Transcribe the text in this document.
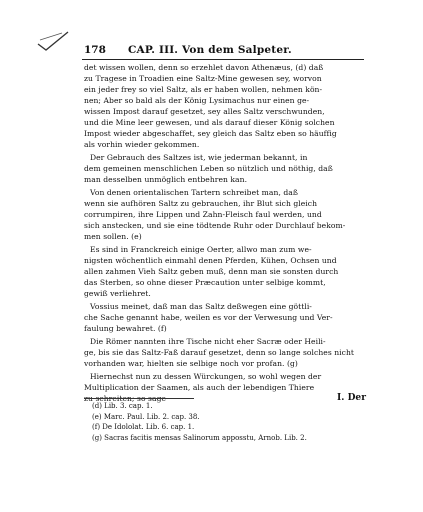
178 CAP. III. Von dem Salpeter.
det wissen wollen, denn so erzehlet davon Athenæus, (d) daß
zu Tragese in Troadien eine Saltz-Mine gewesen sey, worvon
ein jeder frey so viel Saltz, als er haben wollen, nehmen kön-
nen; Aber so bald als der König Lysimachus nur einen ge-
wissen Impost darauf gesetzet, sey alles Saltz verschwunden,
und die Mine leer gewesen, und als darauf dieser König solchen
Impost wieder abgeschaffet, sey gleich das Saltz eben so häuffig
als vorhin wieder gekommen.
Der Gebrauch des Saltzes ist, wie jederman bekannt, in
dem gemeinen menschlichen Leben so nützlich und nöthig, daß
man desselben unmöglich entbehren kan.
Von denen orientalischen Tartern schreibet man, daß
wenn sie aufhören Saltz zu gebrauchen, ihr Blut sich gleich
corrumpiren, ihre Lippen und Zahn-Fleisch faul werden, und
sich anstecken, und sie eine tödtende Ruhr oder Durchlauf bekom-
men sollen. (e)
Es sind in Franckreich einige Oerter, allwo man zum we-
nigsten wöchentlich einmahl denen Pferden, Kühen, Ochsen und
allen zahmen Vieh Saltz geben muß, denn man sie sonsten durch
das Sterben, so ohne dieser Præcaution unter selbige kommt,
gewiß verliehret.
Vossius meinet, daß man das Saltz deßwegen eine göttli-
che Sache genannt habe, weilen es vor der Verwesung und Ver-
faulung bewahret. (f)
Die Römer nannten ihre Tische nicht eher Sacræ oder Heili-
ge, bis sie das Saltz-Faß darauf gesetzet, denn so lange solches nicht
vorhanden war, hielten sie selbige noch vor profan. (g)
Hiernechst nun zu dessen Würckungen, so wohl wegen der
Multiplication der Saamen, als auch der lebendigen Thiere
I. Der
(d) Lib. 3. cap. 1.
(e) Marc. Paul. Lib. 2. cap. 38.
(f) De Idololat. Lib. 6. cap. 1.
(g) Sacras facitis mensas Salinorum apposstu, Arnob. Lib. 2.
